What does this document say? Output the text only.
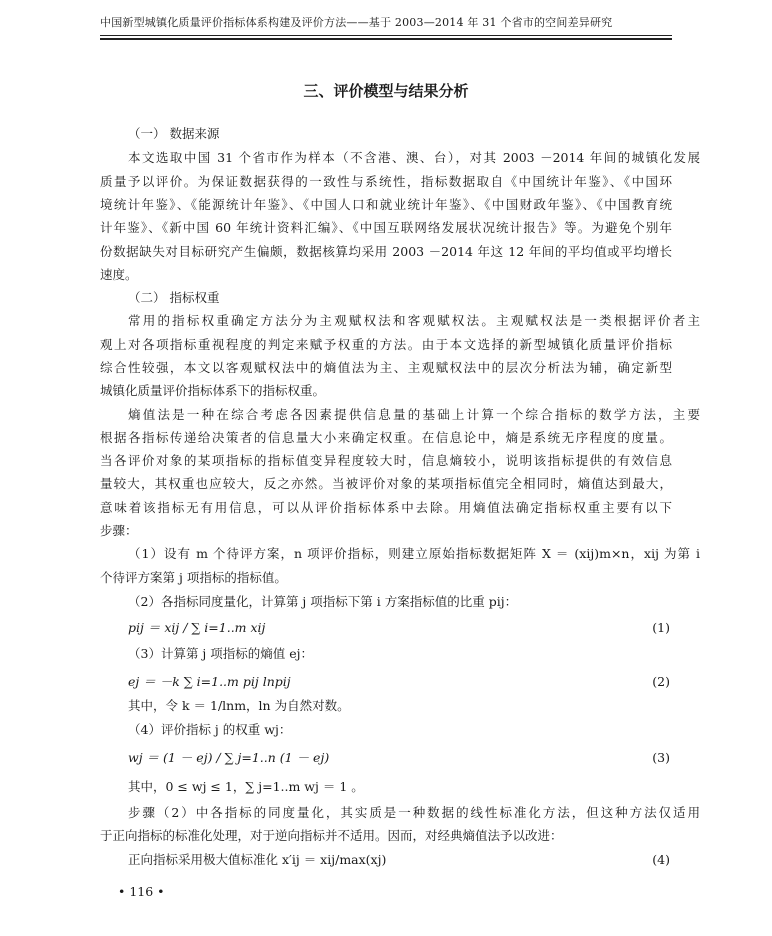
中国新型城镇化质量评价指标体系构建及评价方法——基于 2003—2014 年 31 个省市的空间差异研究
三、评价模型与结果分析
（一） 数据来源
本文选取中国 31 个省市作为样本（不含港、澳、台），对其 2003 －2014 年间的城镇化发展
质量予以评价。为保证数据获得的一致性与系统性，指标数据取自《中国统计年鉴》、《中国环
境统计年鉴》、《能源统计年鉴》、《中国人口和就业统计年鉴》、《中国财政年鉴》、《中国教育统
计年鉴》、《新中国 60 年统计资料汇编》、《中国互联网络发展状况统计报告》等。为避免个别年
份数据缺失对目标研究产生偏颇，数据核算均采用 2003 －2014 年这 12 年间的平均值或平均增长
速度。
（二） 指标权重
常用的指标权重确定方法分为主观赋权法和客观赋权法。主观赋权法是一类根据评价者主
观上对各项指标重视程度的判定来赋予权重的方法。由于本文选择的新型城镇化质量评价指标
综合性较强，本文以客观赋权法中的熵值法为主、主观赋权法中的层次分析法为辅，确定新型
城镇化质量评价指标体系下的指标权重。
熵值法是一种在综合考虑各因素提供信息量的基础上计算一个综合指标的数学方法，主要
根据各指标传递给决策者的信息量大小来确定权重。在信息论中，熵是系统无序程度的度量。
当各评价对象的某项指标的指标值变异程度较大时，信息熵较小，说明该指标提供的有效信息
量较大，其权重也应较大，反之亦然。当被评价对象的某项指标值完全相同时，熵值达到最大，
意味着该指标无有用信息，可以从评价指标体系中去除。用熵值法确定指标权重主要有以下
步骤：
（1）设有 m 个待评方案，n 项评价指标，则建立原始指标数据矩阵 X ＝ (xij)m×n，xij 为第 i
个待评方案第 j 项指标的指标值。
（2）各指标同度量化，计算第 j 项指标下第 i 方案指标值的比重 pij：
pij ＝ xij ∕ ∑ i=1..m xij	(1)
（3）计算第 j 项指标的熵值 ej：
ej ＝ －k ∑ i=1..m pij lnpij	(2)
其中，令 k ＝ 1/lnm，ln 为自然对数。
（4）评价指标 j 的权重 wj：
wj ＝ (1 － ej) ∕ ∑ j=1..n (1 － ej)	(3)
其中，0 ≤ wj ≤ 1，∑ j=1..m wj ＝ 1 。
步骤（2）中各指标的同度量化，其实质是一种数据的线性标准化方法，但这种方法仅适用
于正向指标的标准化处理，对于逆向指标并不适用。因而，对经典熵值法予以改进：
正向指标采用极大值标准化 x′ij ＝ xij/max(xj)	(4)
• 116 •
